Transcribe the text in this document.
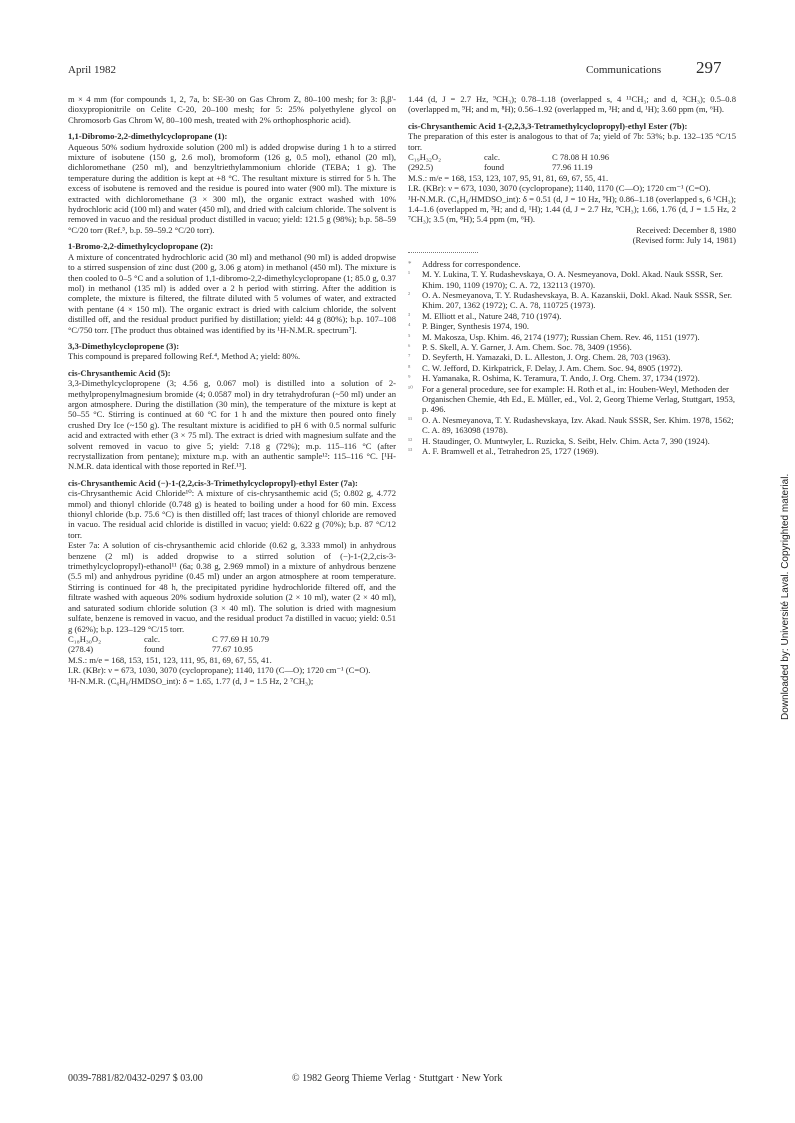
April 1982	Communications 297

m × 4 mm (for compounds 1, 2, 7a, b: SE-30 on Gas Chrom Z, 80–100 mesh; for 3: β,β'-dioxypropionitrile on Celite C-20, 20–100 mesh; for 5: 25% polyethylene glycol on Chromosorb Gas Chrom W, 80–100 mesh, treated with 2% orthophosphoric acid).

1,1-Dibromo-2,2-dimethylcyclopropane (1):

Aqueous 50% sodium hydroxide solution (200 ml) is added dropwise during 1 h to a stirred mixture of isobutene (150 g, 2.6 mol), bromoform (126 g, 0.5 mol), ethanol (20 ml), dichloromethane (250 ml), and benzyltriethylammonium chloride (TEBA; 1 g). The temperature during the addition is kept at +8 °C. The resultant mixture is stirred for 5 h. The excess of isobutene is removed and the residue is poured into water (900 ml). The mixture is extracted with dichloromethane (3 × 300 ml), the organic extract washed with 10% hydrochloric acid (100 ml) and water (450 ml), and dried with calcium chloride. The solvent is removed in vacuo and the residual product distilled in vacuo; yield: 121.5 g (98%); b.p. 58–59 °C/20 torr (Ref.⁵, b.p. 59–59.2 °C/20 torr).

1-Bromo-2,2-dimethylcyclopropane (2):

A mixture of concentrated hydrochloric acid (30 ml) and methanol (90 ml) is added dropwise to a stirred suspension of zinc dust (200 g, 3.06 g atom) in methanol (450 ml). The mixture is then cooled to 0–5 °C and a solution of 1,1-dibromo-2,2-dimethylcyclopropane (1; 85.0 g, 0.37 mol) in methanol (135 ml) is added over a 2 h period with stirring. After the addition is complete, the mixture is filtered, the filtrate diluted with 5 volumes of water, and extracted with pentane (4 × 150 ml). The organic extract is dried with calcium chloride, the solvent distilled off, and the residual product purified by distillation; yield: 44 g (80%); b.p. 107–108 °C/750 torr. [The product thus obtained was identified by its ¹H-N.M.R. spectrum⁷].

3,3-Dimethylcyclopropene (3):

This compound is prepared following Ref.⁴, Method A; yield: 80%.

cis-Chrysanthemic Acid (5):

3,3-Dimethylcyclopropene (3; 4.56 g, 0.067 mol) is distilled into a solution of 2-methylpropenylmagnesium bromide (4; 0.0587 mol) in dry tetrahydrofuran (~50 ml) under an argon atmosphere. During the distillation (30 min), the temperature of the mixture is kept at 50–55 °C. Stirring is continued at 60 °C for 1 h and the mixture then poured onto finely crushed Dry Ice (~150 g). The resultant mixture is acidified to pH 6 with 0.5 normal sulfuric acid and extracted with ether (3 × 75 ml). The extract is dried with magnesium sulfate and the solvent removed in vacuo to give 5; yield: 7.18 g (72%); m.p. 115–116 °C (after recrystallization from pentane); mixture m.p. with an authentic sample¹²: 115–116 °C. [¹H-N.M.R. data identical with those reported in Ref.¹³].

cis-Chrysanthemic Acid (−)-1-(2,2,cis-3-Trimethylcyclopropyl)-ethyl Ester (7a):

cis-Chrysanthemic Acid Chloride¹⁰: A mixture of cis-chrysanthemic acid (5; 0.802 g, 4.772 mmol) and thionyl chloride (0.748 g) is heated to boiling under a hood for 60 min. Excess thionyl chloride (b.p. 75.6 °C) is then distilled off; last traces of thionyl chloride are removed in vacuo. The residual acid chloride is distilled in vacuo; yield: 0.622 g (70%); b.p. 87 °C/12 torr.

Ester 7a: A solution of cis-chrysanthemic acid chloride (0.62 g, 3.333 mmol) in anhydrous benzene (2 ml) is added dropwise to a stirred solution of (−)-1-(2,2,cis-3-trimethylcyclopropyl)-ethanol¹¹ (6a; 0.38 g, 2.969 mmol) in a mixture of anhydrous benzene (5.5 ml) and anhydrous pyridine (0.45 ml) under an argon atmosphere at room temperature. Stirring is continued for 48 h, the precipitated pyridine hydrochloride filtered off, and the filtrate washed with aqueous 20% sodium hydroxide solution (2 × 10 ml), water (2 × 40 ml), and saturated sodium chloride solution (3 × 40 ml). The solution is dried with magnesium sulfate, benzene is removed in vacuo, and the residual product 7a distilled in vacuo; yield: 0.51 g (62%); b.p. 123–129 °C/15 torr.

C₁₈H₃₀O₂	calc.	C 77.69 H 10.79
(278.4)	found	77.67 10.95

M.S.: m/e = 168, 153, 151, 123, 111, 95, 81, 69, 67, 55, 41.

I.R. (KBr): ν = 673, 1030, 3070 (cyclopropane); 1140, 1170 (C—O); 1720 cm⁻¹ (C=O).

¹H-N.M.R. (C₆H₆/HMDSO_int): δ = 1.65, 1.77 (d, J = 1.5 Hz, 2 ⁷CH₃);

1.44 (d, J = 2.7 Hz, ⁹CH₃); 0.78–1.18 (overlapped s, 4 ¹¹CH₃; and d, ²CH₃); 0.5–0.8 (overlapped m, ⁹H; and m, ⁸H); 0.56–1.92 (overlapped m, ³H; and d, ¹H); 3.60 ppm (m, ⁶H).

cis-Chrysanthemic Acid 1-(2,2,3,3-Tetramethylcyclopropyl)-ethyl Ester (7b):

The preparation of this ester is analogous to that of 7a; yield of 7b: 53%; b.p. 132–135 °C/15 torr.

C₁₉H₃₂O₂	calc.	C 78.08 H 10.96
(292.5)	found	77.96 11.19

M.S.: m/e = 168, 153, 123, 107, 95, 91, 81, 69, 67, 55, 41.

I.R. (KBr): ν = 673, 1030, 3070 (cyclopropane); 1140, 1170 (C—O); 1720 cm⁻¹ (C=O).

¹H-N.M.R. (C₆H₆/HMDSO_int): δ = 0.51 (d, J = 10 Hz, ⁹H); 0.86–1.18 (overlapped s, 6 ¹CH₃); 1.4–1.6 (overlapped m, ³H; and d, ¹H); 1.44 (d, J = 2.7 Hz, ⁹CH₃); 1.66, 1.76 (d, J = 1.5 Hz, 2 ⁷CH₃); 3.5 (m, ⁸H); 5.4 ppm (m, ⁶H).

Received: December 8, 1980

(Revised form: July 14, 1981)

*	Address for correspondence.
¹	M. Y. Lukina, T. Y. Rudashevskaya, O. A. Nesmeyanova, Dokl. Akad. Nauk SSSR, Ser. Khim. 190, 1109 (1970); C. A. 72, 132113 (1970).
²	O. A. Nesmeyanova, T. Y. Rudashevskaya, B. A. Kazanskii, Dokl. Akad. Nauk SSSR, Ser. Khim. 207, 1362 (1972); C. A. 78, 110725 (1973).
³	M. Elliott et al., Nature 248, 710 (1974).
⁴	P. Binger, Synthesis 1974, 190.
⁵	M. Makosza, Usp. Khim. 46, 2174 (1977); Russian Chem. Rev. 46, 1151 (1977).
⁶	P. S. Skell, A. Y. Garner, J. Am. Chem. Soc. 78, 3409 (1956).
⁷	D. Seyferth, H. Yamazaki, D. L. Alleston, J. Org. Chem. 28, 703 (1963).
⁸	C. W. Jefford, D. Kirkpatrick, F. Delay, J. Am. Chem. Soc. 94, 8905 (1972).
⁹	H. Yamanaka, R. Oshima, K. Teramura, T. Ando, J. Org. Chem. 37, 1734 (1972).
¹⁰	For a general procedure, see for example: H. Roth et al., in: Houben-Weyl, Methoden der Organischen Chemie, 4th Ed., E. Müller, ed., Vol. 2, Georg Thieme Verlag, Stuttgart, 1953, p. 496.
¹¹	O. A. Nesmeyanova, T. Y. Rudashevskaya, Izv. Akad. Nauk SSSR, Ser. Khim. 1978, 1562; C. A. 89, 163098 (1978).
¹²	H. Staudinger, O. Muntwyler, L. Ruzicka, S. Seibt, Helv. Chim. Acta 7, 390 (1924).
¹³	A. F. Bramwell et al., Tetrahedron 25, 1727 (1969).
0039-7881/82/0432-0297 $ 03.00	© 1982 Georg Thieme Verlag · Stuttgart · New York
Downloaded by: Université Laval. Copyrighted material.
